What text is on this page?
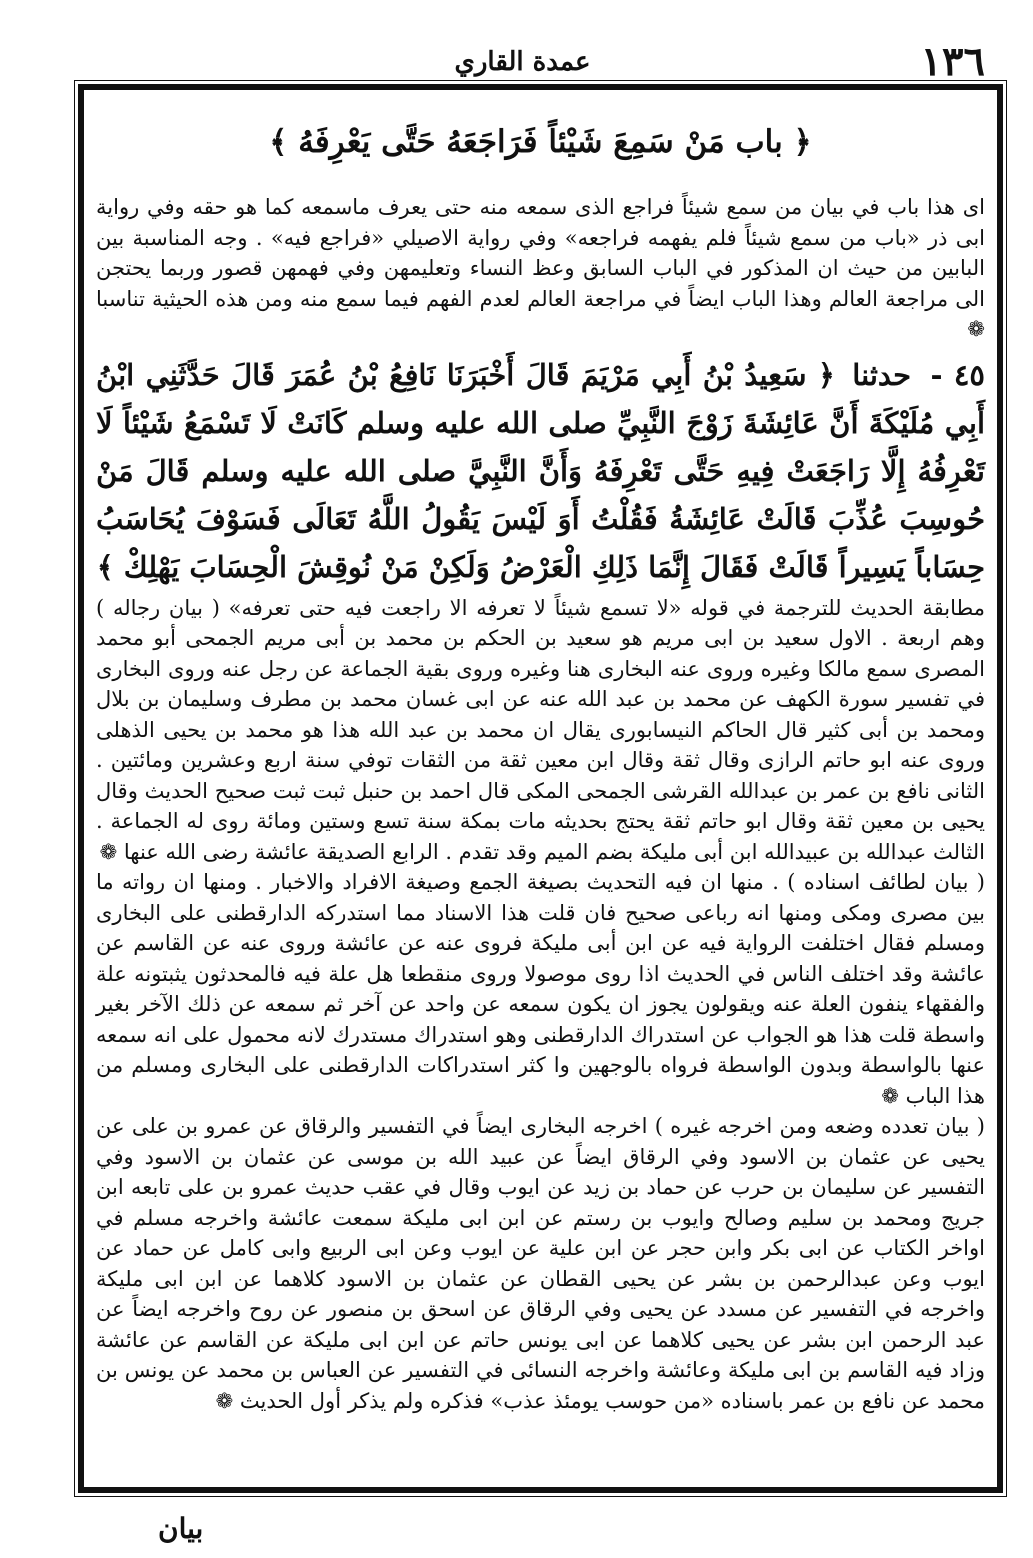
١٣٦
عمدة القاري
﴿ باب مَنْ سَمِعَ شَيْئاً فَرَاجَعَهُ حَتَّى يَعْرِفَهُ ﴾

اى هذا باب في بيان من سمع شيئاً فراجع الذى سمعه منه حتى يعرف ماسمعه كما هو حقه وفي رواية ابى ذر «باب من سمع شيئاً فلم يفهمه فراجعه» وفي رواية الاصيلي «فراجع فيه» . وجه المناسبة بين البابين من حيث ان المذكور في الباب السابق وعظ النساء وتعليمهن وفي فهمهن قصور وربما يحتجن الى مراجعة العالم وهذا الباب ايضاً في مراجعة العالم لعدم الفهم فيما سمع منه ومن هذه الحيثية تناسبا ❁

٤٥ - حدثنا ﴿ سَعِيدُ بْنُ أَبِي مَرْيَمَ قَالَ أَخْبَرَنَا نَافِعُ بْنُ عُمَرَ قَالَ حَدَّثَنِي ابْنُ أَبِي مُلَيْكَةَ أَنَّ عَائِشَةَ زَوْجَ النَّبِيِّ صلى الله عليه وسلم كَانَتْ لَا تَسْمَعُ شَيْئاً لَا تَعْرِفُهُ إِلَّا رَاجَعَتْ فِيهِ حَتَّى تَعْرِفَهُ وَأَنَّ النَّبِيَّ صلى الله عليه وسلم قَالَ مَنْ حُوسِبَ عُذِّبَ قَالَتْ عَائِشَةُ فَقُلْتُ أَوَ لَيْسَ يَقُولُ اللَّهُ تَعَالَى فَسَوْفَ يُحَاسَبُ حِسَاباً يَسِيراً قَالَتْ فَقَالَ إِنَّمَا ذَلِكِ الْعَرْضُ وَلَكِنْ مَنْ نُوقِشَ الْحِسَابَ يَهْلِكْ ﴾

مطابقة الحديث للترجمة في قوله «لا تسمع شيئاً لا تعرفه الا راجعت فيه حتى تعرفه» ( بيان رجاله ) وهم اربعة . الاول سعيد بن ابى مريم هو سعيد بن الحكم بن محمد بن أبى مريم الجمحى أبو محمد المصرى سمع مالكا وغيره وروى عنه البخارى هنا وغيره وروى بقية الجماعة عن رجل عنه وروى البخارى في تفسير سورة الكهف عن محمد بن عبد الله عنه عن ابى غسان محمد بن مطرف وسليمان بن بلال ومحمد بن أبى كثير قال الحاكم النيسابورى يقال ان محمد بن عبد الله هذا هو محمد بن يحيى الذهلى وروى عنه ابو حاتم الرازى وقال ثقة وقال ابن معين ثقة من الثقات توفي سنة اربع وعشرين ومائتين . الثانى نافع بن عمر بن عبدالله القرشى الجمحى المكى قال احمد بن حنبل ثبت ثبت صحيح الحديث وقال يحيى بن معين ثقة وقال ابو حاتم ثقة يحتج بحديثه مات بمكة سنة تسع وستين ومائة روى له الجماعة . الثالث عبدالله بن عبيدالله ابن أبى مليكة بضم الميم وقد تقدم . الرابع الصديقة عائشة رضى الله عنها ❁

( بيان لطائف اسناده ) . منها ان فيه التحديث بصيغة الجمع وصيغة الافراد والاخبار . ومنها ان رواته ما بين مصرى ومكى ومنها انه رباعى صحيح فان قلت هذا الاسناد مما استدركه الدارقطنى على البخارى ومسلم فقال اختلفت الرواية فيه عن ابن أبى مليكة فروى عنه عن عائشة وروى عنه عن القاسم عن عائشة وقد اختلف الناس في الحديث اذا روى موصولا وروى منقطعا هل علة فيه فالمحدثون يثبتونه علة والفقهاء ينفون العلة عنه ويقولون يجوز ان يكون سمعه عن واحد عن آخر ثم سمعه عن ذلك الآخر بغير واسطة قلت هذا هو الجواب عن استدراك الدارقطنى وهو استدراك مستدرك لانه محمول على انه سمعه عنها بالواسطة وبدون الواسطة فرواه بالوجهين وا كثر استدراكات الدارقطنى على البخارى ومسلم من هذا الباب ❁

( بيان تعدده وضعه ومن اخرجه غيره ) اخرجه البخارى ايضاً في التفسير والرقاق عن عمرو بن على عن يحيى عن عثمان بن الاسود وفي الرقاق ايضاً عن عبيد الله بن موسى عن عثمان بن الاسود وفي التفسير عن سليمان بن حرب عن حماد بن زيد عن ايوب وقال في عقب حديث عمرو بن على تابعه ابن جريج ومحمد بن سليم وصالح وايوب بن رستم عن ابن ابى مليكة سمعت عائشة واخرجه مسلم في اواخر الكتاب عن ابى بكر وابن حجر عن ابن علية عن ايوب وعن ابى الربيع وابى كامل عن حماد عن ايوب وعن عبدالرحمن بن بشر عن يحيى القطان عن عثمان بن الاسود كلاهما عن ابن ابى مليكة واخرجه في التفسير عن مسدد عن يحيى وفي الرقاق عن اسحق بن منصور عن روح واخرجه ايضاً عن عبد الرحمن ابن بشر عن يحيى كلاهما عن ابى يونس حاتم عن ابن ابى مليكة عن القاسم عن عائشة وزاد فيه القاسم بن ابى مليكة وعائشة واخرجه النسائى في التفسير عن العباس بن محمد عن يونس بن محمد عن نافع بن عمر باسناده «من حوسب يومئذ عذب» فذكره ولم يذكر أول الحديث ❁

بيان
